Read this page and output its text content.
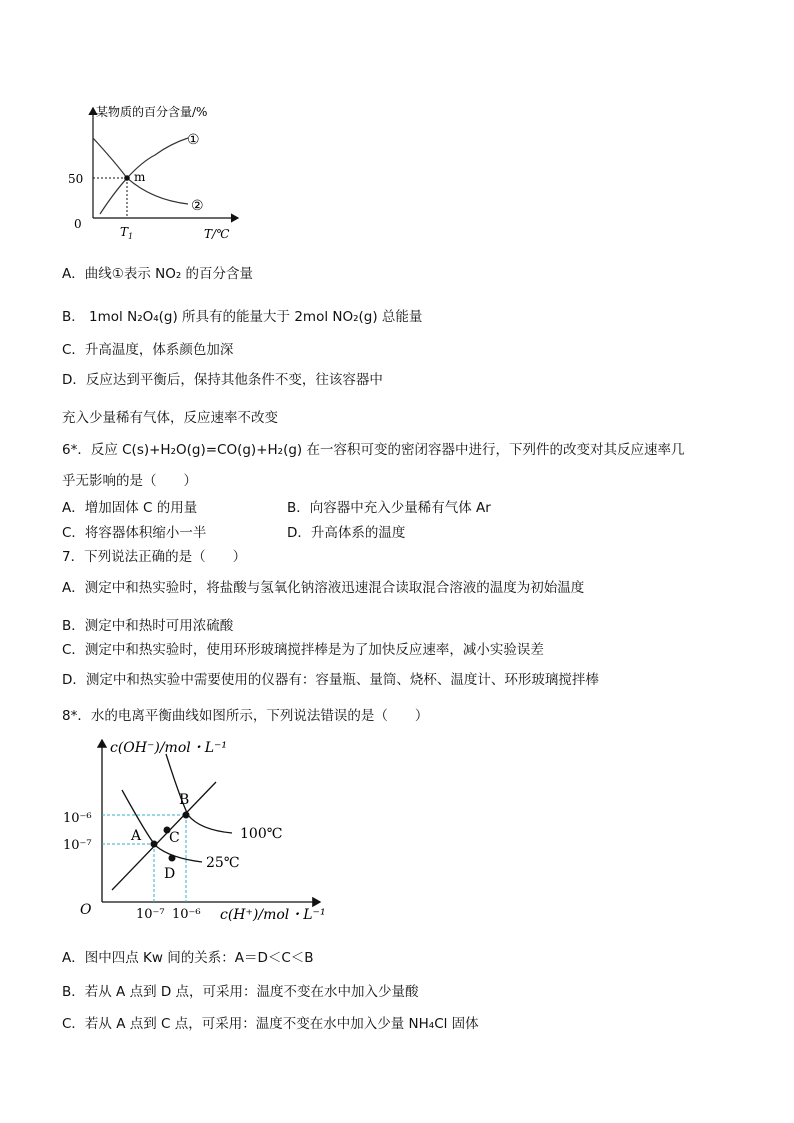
某物质的百分含量/%
50
0
m
①
②
$T_1$	T/℃
A．曲线①表示 NO₂ 的百分含量
B． 1mol N₂O₄(g) 所具有的能量大于 2mol NO₂(g) 总能量
C．升高温度，体系颜色加深
D．反应达到平衡后，保持其他条件不变，往该容器中
充入少量稀有气体，反应速率不改变
6*．反应 C(s)+H₂O(g)=CO(g)+H₂(g) 在一容积可变的密闭容器中进行，下列件的改变对其反应速率几
乎无影响的是（　　）
A．增加固体 C 的用量	B．向容器中充入少量稀有气体 Ar
C．将容器体积缩小一半	D．升高体系的温度
7．下列说法正确的是（　　）
A．测定中和热实验时，将盐酸与氢氧化钠溶液迅速混合读取混合溶液的温度为初始温度
B．测定中和热时可用浓硫酸
C．测定中和热实验时，使用环形玻璃搅拌棒是为了加快反应速率，减小实验误差
D．测定中和热实验中需要使用的仪器有：容量瓶、量筒、烧杯、温度计、环形玻璃搅拌棒
8*．水的电离平衡曲线如图所示，下列说法错误的是（　　）
c(OH⁻)/mol・L⁻¹
c(H⁺)/mol・L⁻¹
O
10⁻⁶
10⁻⁷
10⁻⁷ 10⁻⁶
A
B
C
D
100℃
25℃
A．图中四点 Kw 间的关系：A＝D＜C＜B
B．若从 A 点到 D 点，可采用：温度不变在水中加入少量酸
C．若从 A 点到 C 点，可采用：温度不变在水中加入少量 NH₄Cl 固体
